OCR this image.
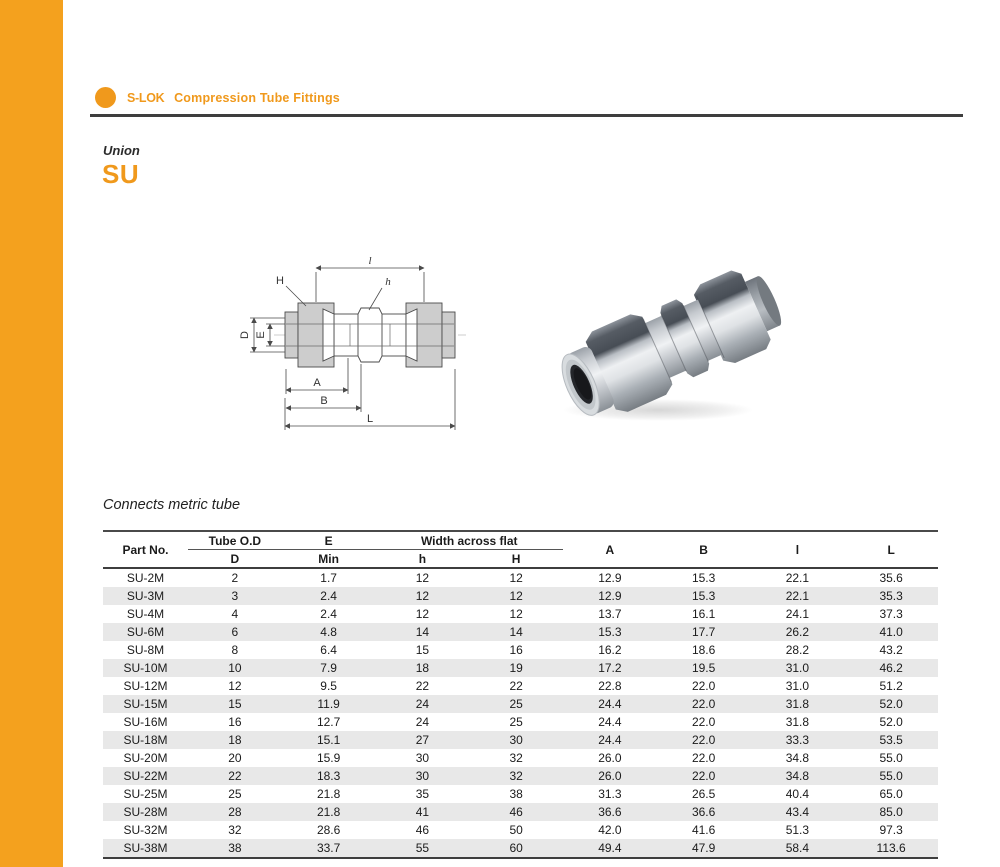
S-LOK Compression Tube Fittings
Union
SU
l
H	h
D E
A
B
L
Connects metric tube
Part No.	Tube O.D	E	Width across flat		A	B	l	L
	D	Min	h	H				
SU-2M	2	1.7	12	12	12.9	15.3	22.1	35.6
SU-3M	3	2.4	12	12	12.9	15.3	22.1	35.3
SU-4M	4	2.4	12	12	13.7	16.1	24.1	37.3
SU-6M	6	4.8	14	14	15.3	17.7	26.2	41.0
SU-8M	8	6.4	15	16	16.2	18.6	28.2	43.2
SU-10M	10	7.9	18	19	17.2	19.5	31.0	46.2
SU-12M	12	9.5	22	22	22.8	22.0	31.0	51.2
SU-15M	15	11.9	24	25	24.4	22.0	31.8	52.0
SU-16M	16	12.7	24	25	24.4	22.0	31.8	52.0
SU-18M	18	15.1	27	30	24.4	22.0	33.3	53.5
SU-20M	20	15.9	30	32	26.0	22.0	34.8	55.0
SU-22M	22	18.3	30	32	26.0	22.0	34.8	55.0
SU-25M	25	21.8	35	38	31.3	26.5	40.4	65.0
SU-28M	28	21.8	41	46	36.6	36.6	43.4	85.0
SU-32M	32	28.6	46	50	42.0	41.6	51.3	97.3
SU-38M	38	33.7	55	60	49.4	47.9	58.4	113.6
